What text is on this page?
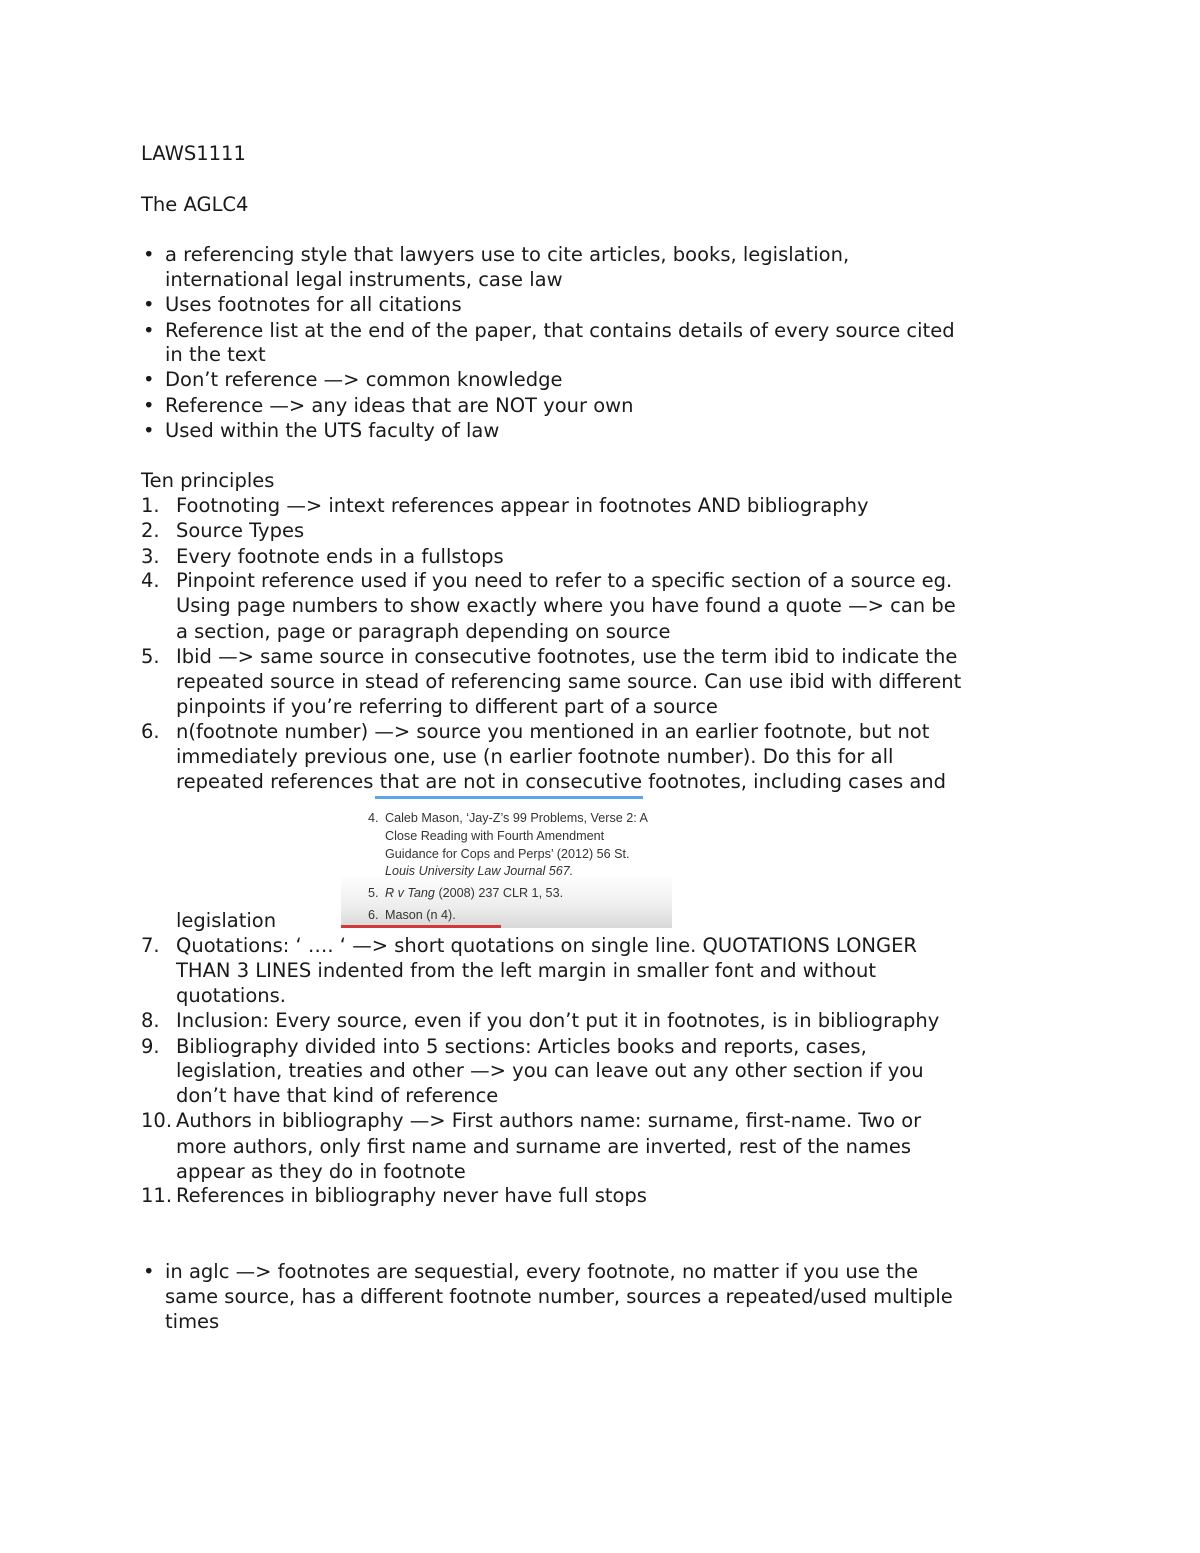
LAWS1111
The AGLC4
• a referencing style that lawyers use to cite articles, books, legislation,
international legal instruments, case law
• Uses footnotes for all citations
• Reference list at the end of the paper, that contains details of every source cited
in the text
• Don’t reference —> common knowledge
• Reference —> any ideas that are NOT your own
• Used within the UTS faculty of law
Ten principles
1. Footnoting —> intext references appear in footnotes AND bibliography
2. Source Types
3. Every footnote ends in a fullstops
4. Pinpoint reference used if you need to refer to a specific section of a source eg.
Using page numbers to show exactly where you have found a quote —> can be
a section, page or paragraph depending on source
5. Ibid —> same source in consecutive footnotes, use the term ibid to indicate the
repeated source in stead of referencing same source. Can use ibid with different
pinpoints if you’re referring to different part of a source
6. n(footnote number) —> source you mentioned in an earlier footnote, but not
immediately previous one, use (n earlier footnote number). Do this for all
repeated references that are not in consecutive footnotes, including cases and
4. Caleb Mason, ‘Jay-Z’s 99 Problems, Verse 2: A
Close Reading with Fourth Amendment
Guidance for Cops and Perps’ (2012) 56 St.
Louis University Law Journal 567.
5. R v Tang (2008) 237 CLR 1, 53.
6. Mason (n 4).
legislation
7. Quotations: ‘ …. ‘ —> short quotations on single line. QUOTATIONS LONGER
THAN 3 LINES indented from the left margin in smaller font and without
quotations.
8. Inclusion: Every source, even if you don’t put it in footnotes, is in bibliography
9. Bibliography divided into 5 sections: Articles books and reports, cases,
legislation, treaties and other —> you can leave out any other section if you
don’t have that kind of reference
10. Authors in bibliography —> First authors name: surname, first-name. Two or
more authors, only first name and surname are inverted, rest of the names
appear as they do in footnote
11. References in bibliography never have full stops
• in aglc —> footnotes are sequestial, every footnote, no matter if you use the
same source, has a different footnote number, sources a repeated/used multiple
times
